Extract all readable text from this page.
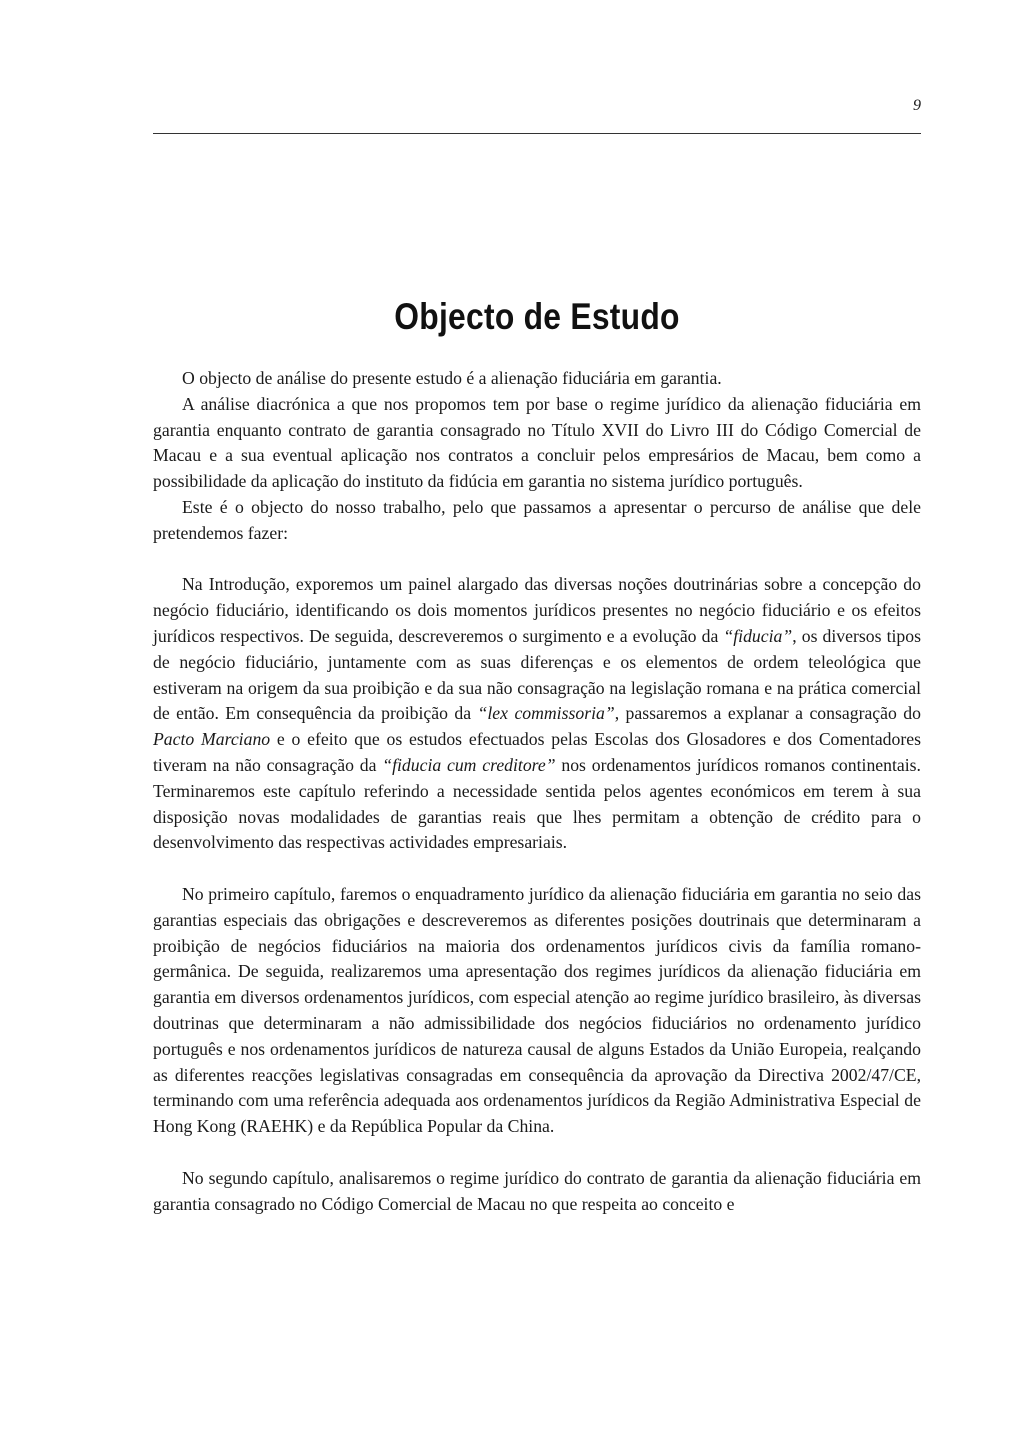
9
Objecto de Estudo

O objecto de análise do presente estudo é a alienação fiduciária em garantia.

A análise diacrónica a que nos propomos tem por base o regime jurídico da alienação fiduciária em garantia enquanto contrato de garantia consagrado no Título XVII do Livro III do Código Comercial de Macau e a sua eventual aplicação nos contratos a concluir pelos empresários de Macau, bem como a possibilidade da aplicação do instituto da fidúcia em garantia no sistema jurídico português.

Este é o objecto do nosso trabalho, pelo que passamos a apresentar o percurso de análise que dele pretendemos fazer:

Na Introdução, exporemos um painel alargado das diversas noções doutrinárias sobre a concepção do negócio fiduciário, identificando os dois momentos jurídicos presentes no negócio fiduciário e os efeitos jurídicos respectivos. De seguida, descreveremos o surgimento e a evolução da “fiducia”, os diversos tipos de negócio fiduciário, juntamente com as suas diferenças e os elementos de ordem teleológica que estiveram na origem da sua proibição e da sua não consagração na legislação romana e na prática comercial de então. Em consequência da proibição da “lex commissoria”, passaremos a explanar a consagração do Pacto Marciano e o efeito que os estudos efectuados pelas Escolas dos Glosadores e dos Comentadores tiveram na não consagração da “fiducia cum creditore” nos ordenamentos jurídicos romanos continentais. Terminaremos este capítulo referindo a necessidade sentida pelos agentes económicos em terem à sua disposição novas modalidades de garantias reais que lhes permitam a obtenção de crédito para o desenvolvimento das respectivas actividades empresariais.

No primeiro capítulo, faremos o enquadramento jurídico da alienação fiduciária em garantia no seio das garantias especiais das obrigações e descreveremos as diferentes posições doutrinais que determinaram a proibição de negócios fiduciários na maioria dos ordenamentos jurídicos civis da família romano-germânica. De seguida, realizaremos uma apresentação dos regimes jurídicos da alienação fiduciária em garantia em diversos ordenamentos jurídicos, com especial atenção ao regime jurídico brasileiro, às diversas doutrinas que determinaram a não admissibilidade dos negócios fiduciários no ordenamento jurídico português e nos ordenamentos jurídicos de natureza causal de alguns Estados da União Europeia, realçando as diferentes reacções legislativas consagradas em consequência da aprovação da Directiva 2002/47/CE, terminando com uma referência adequada aos ordenamentos jurídicos da Região Administrativa Especial de Hong Kong (RAEHK) e da República Popular da China.

No segundo capítulo, analisaremos o regime jurídico do contrato de garantia da alienação fiduciária em garantia consagrado no Código Comercial de Macau no que respeita ao conceito e
